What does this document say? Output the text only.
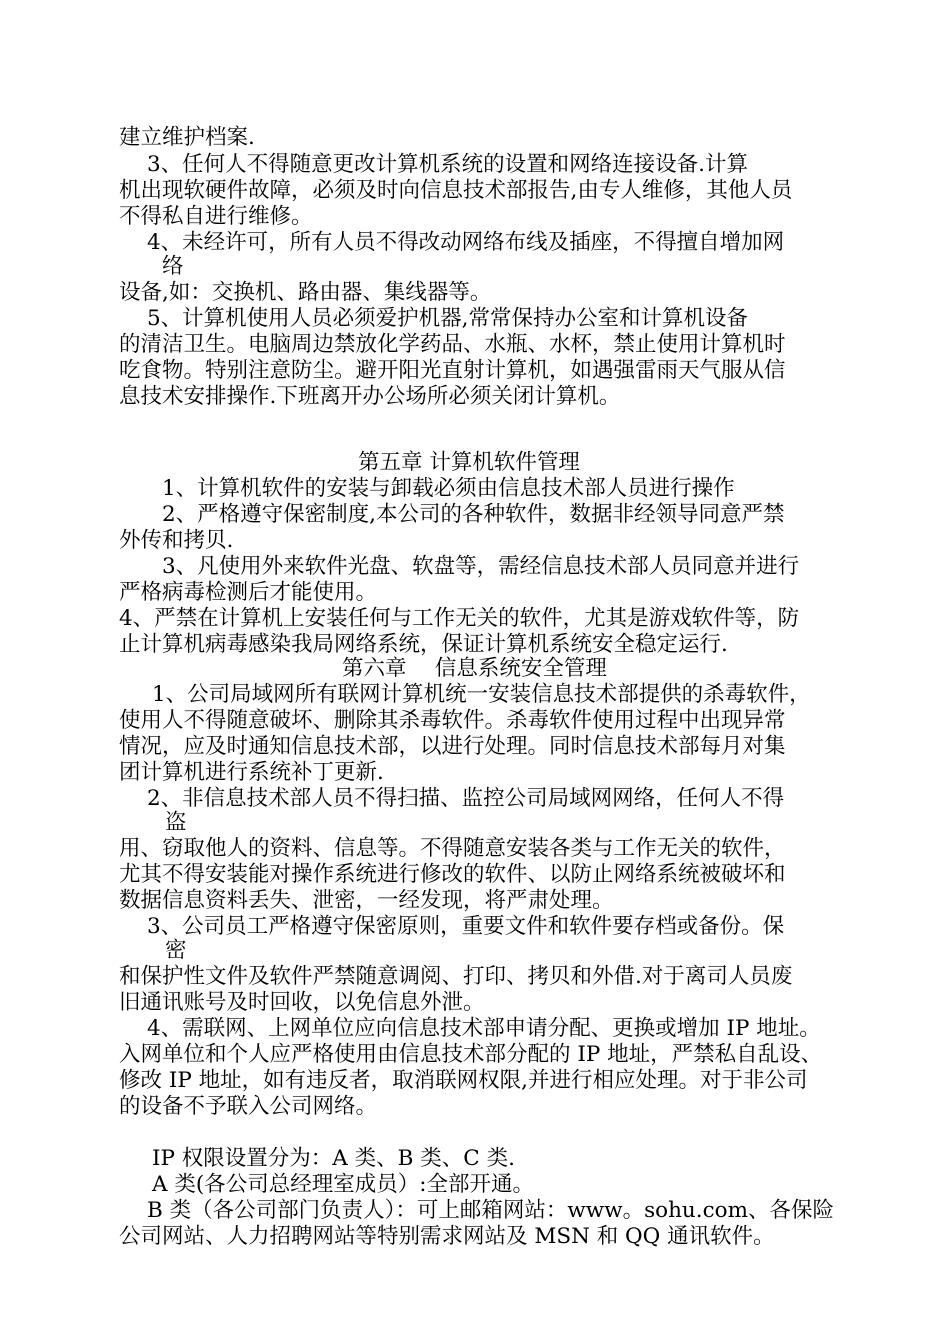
建立维护档案.
3、任何人不得随意更改计算机系统的设置和网络连接设备.计算
机出现软硬件故障，必须及时向信息技术部报告,由专人维修，其他人员
不得私自进行维修。
4、未经许可，所有人员不得改动网络布线及插座，不得擅自增加网
络
设备,如：交换机、路由器、集线器等。
5、计算机使用人员必须爱护机器,常常保持办公室和计算机设备
的清洁卫生。电脑周边禁放化学药品、水瓶、水杯，禁止使用计算机时
吃食物。特别注意防尘。避开阳光直射计算机，如遇强雷雨天气服从信
息技术安排操作.下班离开办公场所必须关闭计算机。
第五章 计算机软件管理
1、计算机软件的安装与卸载必须由信息技术部人员进行操作
2、严格遵守保密制度,本公司的各种软件，数据非经领导同意严禁
外传和拷贝.
3、凡使用外来软件光盘、软盘等，需经信息技术部人员同意并进行
严格病毒检测后才能使用。
4、严禁在计算机上安装任何与工作无关的软件，尤其是游戏软件等，防
止计算机病毒感染我局网络系统，保证计算机系统安全稳定运行.
第六章　 信息系统安全管理
1、公司局域网所有联网计算机统一安装信息技术部提供的杀毒软件，
使用人不得随意破坏、删除其杀毒软件。杀毒软件使用过程中出现异常
情况，应及时通知信息技术部，以进行处理。同时信息技术部每月对集
团计算机进行系统补丁更新.
2、非信息技术部人员不得扫描、监控公司局域网网络，任何人不得
盗
用、窃取他人的资料、信息等。不得随意安装各类与工作无关的软件，
尤其不得安装能对操作系统进行修改的软件、以防止网络系统被破坏和
数据信息资料丢失、泄密，一经发现，将严肃处理。
3、公司员工严格遵守保密原则，重要文件和软件要存档或备份。保
密
和保护性文件及软件严禁随意调阅、打印、拷贝和外借.对于离司人员废
旧通讯账号及时回收，以免信息外泄。
4、需联网、上网单位应向信息技术部申请分配、更换或增加 IP 地址。
入网单位和个人应严格使用由信息技术部分配的 IP 地址，严禁私自乱设、
修改 IP 地址，如有违反者，取消联网权限,并进行相应处理。对于非公司
的设备不予联入公司网络。
IP 权限设置分为：A 类、B 类、C 类.
A 类(各公司总经理室成员）:全部开通。
B 类（各公司部门负责人）：可上邮箱网站：www。sohu.com、各保险
公司网站、人力招聘网站等特别需求网站及 MSN 和 QQ 通讯软件。
